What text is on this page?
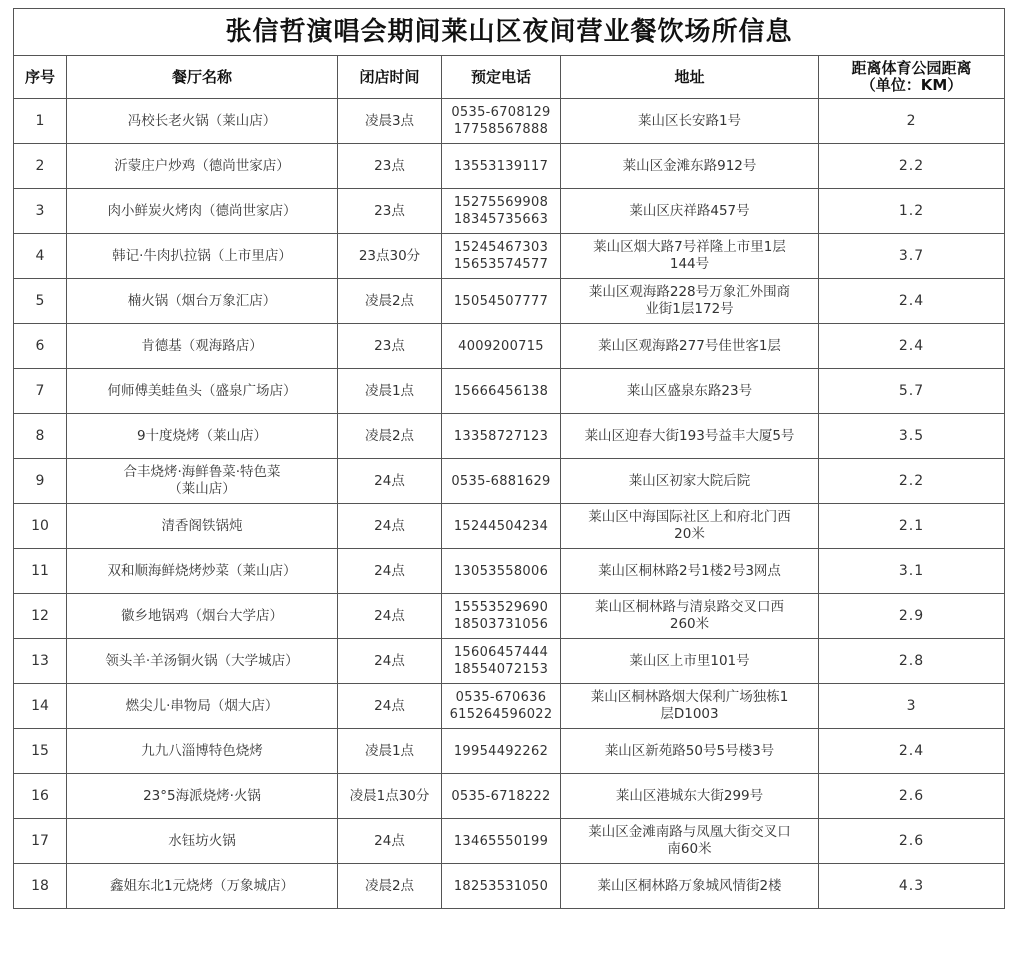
张信哲演唱会期间莱山区夜间营业餐饮场所信息					
序号	餐厅名称	闭店时间	预定电话	地址	距离体育公园距离
（单位：KM）

1	冯校长老火锅（莱山店）	凌晨3点	0535-6708129
17758567888	莱山区长安路1号	2

2	沂蒙庄户炒鸡（德尚世家店）	23点	13553139117	莱山区金滩东路912号	2.2

3	肉小鲜炭火烤肉（德尚世家店）	23点	15275569908
18345735663	莱山区庆祥路457号	1.2

4	韩记·牛肉扒拉锅（上市里店）	23点30分	15245467303
15653574577	莱山区烟大路7号祥隆上市里1层
144号	3.7

5	楠火锅（烟台万象汇店）	凌晨2点	15054507777	莱山区观海路228号万象汇外围商
业街1层172号	2.4

6	肯德基（观海路店）	23点	4009200715	莱山区观海路277号佳世客1层	2.4

7	何师傅美蛙鱼头（盛泉广场店）	凌晨1点	15666456138	莱山区盛泉东路23号	5.7

8	9十度烧烤（莱山店）	凌晨2点	13358727123	莱山区迎春大街193号益丰大厦5号	3.5

9	合丰烧烤·海鲜鲁菜·特色菜
（莱山店）	24点	0535-6881629	莱山区初家大院后院	2.2

10	清香阁铁锅炖	24点	15244504234	莱山区中海国际社区上和府北门西
20米	2.1

11	双和顺海鲜烧烤炒菜（莱山店）	24点	13053558006	莱山区桐林路2号1楼2号3网点	3.1

12	徽乡地锅鸡（烟台大学店）	24点	15553529690
18503731056	莱山区桐林路与清泉路交叉口西
260米	2.9

13	领头羊·羊汤铜火锅（大学城店）	24点	15606457444
18554072153	莱山区上市里101号	2.8

14	燃尖儿·串物局（烟大店）	24点	0535-670636
615264596022	莱山区桐林路烟大保利广场独栋1
层D1003	3

15	九九八淄博特色烧烤	凌晨1点	19954492262	莱山区新苑路50号5号楼3号	2.4

16	23°5海派烧烤·火锅	凌晨1点30分	0535-6718222	莱山区港城东大街299号	2.6

17	水钰坊火锅	24点	13465550199	莱山区金滩南路与凤凰大街交叉口
南60米	2.6

18	鑫姐东北1元烧烤（万象城店）	凌晨2点	18253531050	莱山区桐林路万象城风情街2楼	4.3
